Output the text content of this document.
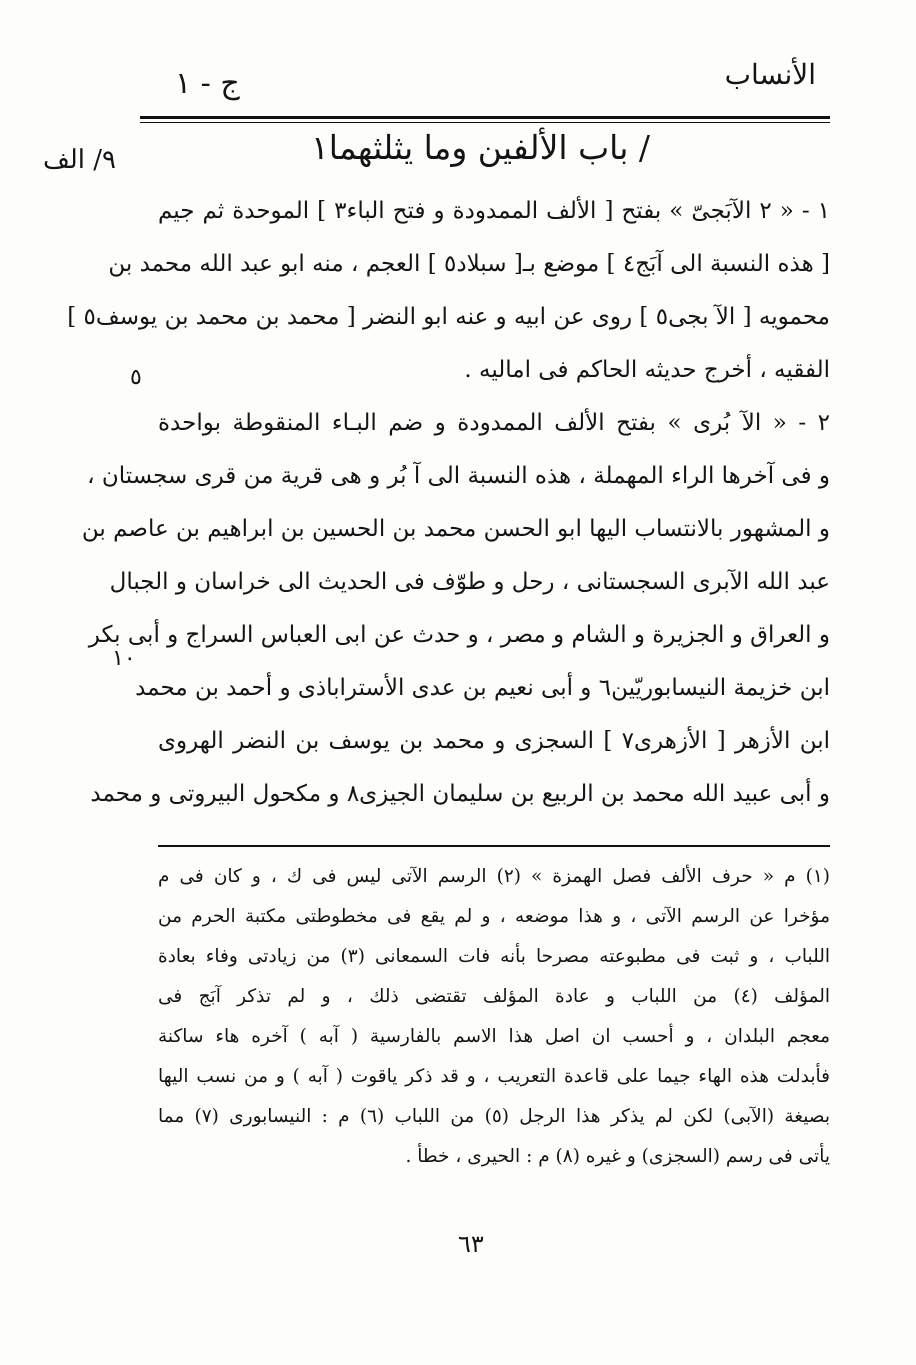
الأنساب
ج - ١
٩/ الف	/ باب الألفين وما يثلثهما١
١ - « ٢ الآبَجىّ » بفتح [ الألف الممدودة و فتح الباء٣ ] الموحدة ثم جيم
[ هذه النسبة الى آبَج٤ ] موضع بـ[ سبلاد٥ ] العجم ، منه ابو عبد الله محمد بن
محمويه [ الآ بجى٥ ] روى عن ابيه و عنه ابو النضر [ محمد بن محمد بن يوسف٥ ]
الفقيه ، أخرج حديثه الحاكم فى اماليه .
٢ - « الآ بُرى » بفتح الألف الممدودة و ضم البـاء المنقوطة بواحدة
و فى آخرها الراء المهملة ، هذه النسبة الى آ بُر و هى قرية من قرى سجستان ،
و المشهور بالانتساب اليها ابو الحسن محمد بن الحسين بن ابراهيم بن عاصم بن
عبد الله الآبرى السجستانى ، رحل و طوّف فى الحديث الى خراسان و الجبال
و العراق و الجزيرة و الشام و مصر ، و حدث عن ابى العباس السراج و أبى بكر
ابن خزيمة النيسابوريّين٦ و أبى نعيم بن عدى الأستراباذى و أحمد بن محمد
ابن الأزهر [ الأزهرى٧ ] السجزى و محمد بن يوسف بن النضر الهروى
و أبى عبيد الله محمد بن الربيع بن سليمان الجيزى٨ و مكحول البيروتى و محمد
٥
١٠
(١) م « حرف الألف فصل الهمزة » (٢) الرسم الآتى ليس فى ك ، و كان فى م
مؤخرا عن الرسم الآتى ، و هذا موضعه ، و لم يقع فى مخطوطتى مكتبة الحرم من
اللباب ، و ثبت فى مطبوعته مصرحا بأنه فات السمعانى (٣) من زيادتى وفاء بعادة
المؤلف (٤) من اللباب و عادة المؤلف تقتضى ذلك ، و لم تذكر آبَج فى
معجم البلدان ، و أحسب ان اصل هذا الاسم بالفارسية ( آبه ) آخره هاء ساكنة
فأبدلت هذه الهاء جيما على قاعدة التعريب ، و قد ذكر ياقوت ( آبه ) و من نسب اليها
بصيغة (الآبى) لكن لم يذكر هذا الرجل (٥) من اللباب (٦) م : النيسابورى (٧) مما
يأتى فى رسم (السجزى) و غيره (٨) م : الحيرى ، خطأ .
٦٣
